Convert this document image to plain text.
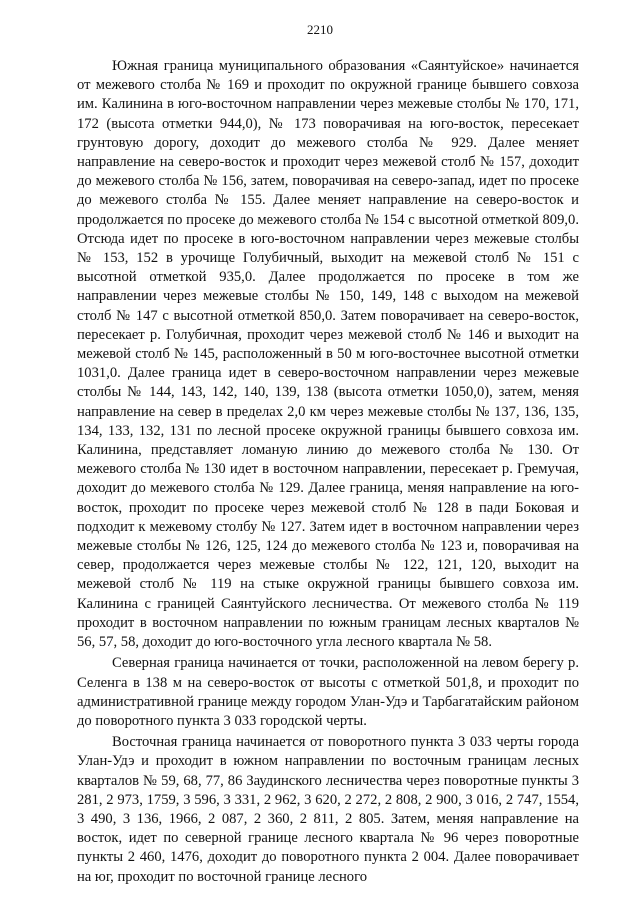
2210

Южная граница муниципального образования «Саянтуйское» начинается от межевого столба № 169 и проходит по окружной границе бывшего совхоза им. Калинина в юго-восточном направлении через межевые столбы № 170, 171, 172 (высота отметки 944,0), № 173 поворачивая на юго-восток, пересекает грунтовую дорогу, доходит до межевого столба № 929. Далее меняет направление на северо-восток и проходит через межевой столб № 157, доходит до межевого столба № 156, затем, поворачивая на северо-запад, идет по просеке до межевого столба № 155. Далее меняет направление на северо-восток и продолжается по просеке до межевого столба № 154 с высотной отметкой 809,0. Отсюда идет по просеке в юго-восточном направлении через межевые столбы № 153, 152 в урочище Голубичный, выходит на межевой столб № 151 с высотной отметкой 935,0. Далее продолжается по просеке в том же направлении через межевые столбы № 150, 149, 148 с выходом на межевой столб № 147 с высотной отметкой 850,0. Затем поворачивает на северо-восток, пересекает р. Голубичная, проходит через межевой столб № 146 и выходит на межевой столб № 145, расположенный в 50 м юго-восточнее высотной отметки 1031,0. Далее граница идет в северо-восточном направлении через межевые столбы № 144, 143, 142, 140, 139, 138 (высота отметки 1050,0), затем, меняя направление на север в пределах 2,0 км через межевые столбы № 137, 136, 135, 134, 133, 132, 131 по лесной просеке окружной границы бывшего совхоза им. Калинина, представляет ломаную линию до межевого столба № 130. От межевого столба № 130 идет в восточном направлении, пересекает р. Гремучая, доходит до межевого столба № 129. Далее граница, меняя направление на юго-восток, проходит по просеке через межевой столб № 128 в пади Боковая и подходит к межевому столбу № 127. Затем идет в восточном направлении через межевые столбы № 126, 125, 124 до межевого столба № 123 и, поворачивая на север, продолжается через межевые столбы № 122, 121, 120, выходит на межевой столб № 119 на стыке окружной границы бывшего совхоза им. Калинина с границей Саянтуйского лесничества. От межевого столба № 119 проходит в восточном направлении по южным границам лесных кварталов № 56, 57, 58, доходит до юго-восточного угла лесного квартала № 58.

Северная граница начинается от точки, расположенной на левом берегу р. Селенга в 138 м на северо-восток от высоты с отметкой 501,8, и проходит по административной границе между городом Улан-Удэ и Тарбагатайским районом до поворотного пункта 3 033 городской черты.

Восточная граница начинается от поворотного пункта 3 033 черты города Улан-Удэ и проходит в южном направлении по восточным границам лесных кварталов № 59, 68, 77, 86 Заудинского лесничества через поворотные пункты 3 281, 2 973, 1759, 3 596, 3 331, 2 962, 3 620, 2 272, 2 808, 2 900, 3 016, 2 747, 1554, 3 490, 3 136, 1966, 2 087, 2 360, 2 811, 2 805. Затем, меняя направление на восток, идет по северной границе лесного квартала № 96 через поворотные пункты 2 460, 1476, доходит до поворотного пункта 2 004. Далее поворачивает на юг, проходит по восточной границе лесного
